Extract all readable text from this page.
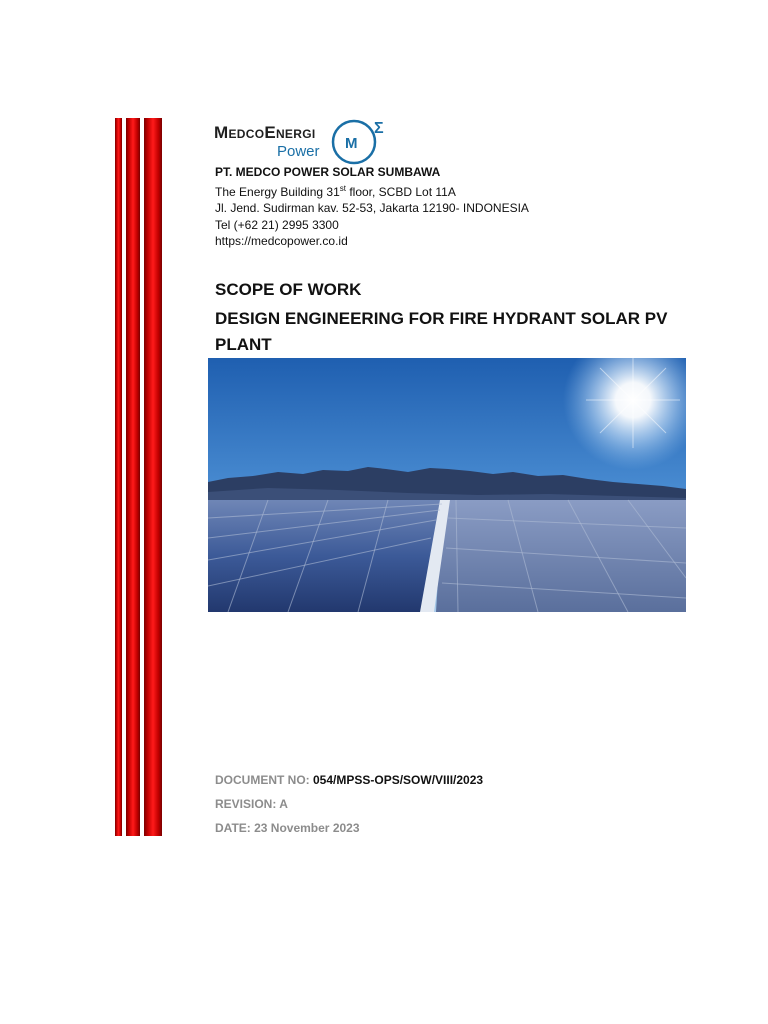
MedcoEnergi
Power M
Σ
PT. MEDCO POWER SOLAR SUMBAWA
The Energy Building 31st floor, SCBD Lot 11A
Jl. Jend. Sudirman kav. 52-53, Jakarta 12190- INDONESIA
Tel (+62 21) 2995 3300
https://medcopower.co.id
SCOPE OF WORK
DESIGN ENGINEERING FOR FIRE HYDRANT SOLAR PV PLANT
DOCUMENT NO: 054/MPSS-OPS/SOW/VIII/2023
REVISION: A
DATE: 23 November 2023
